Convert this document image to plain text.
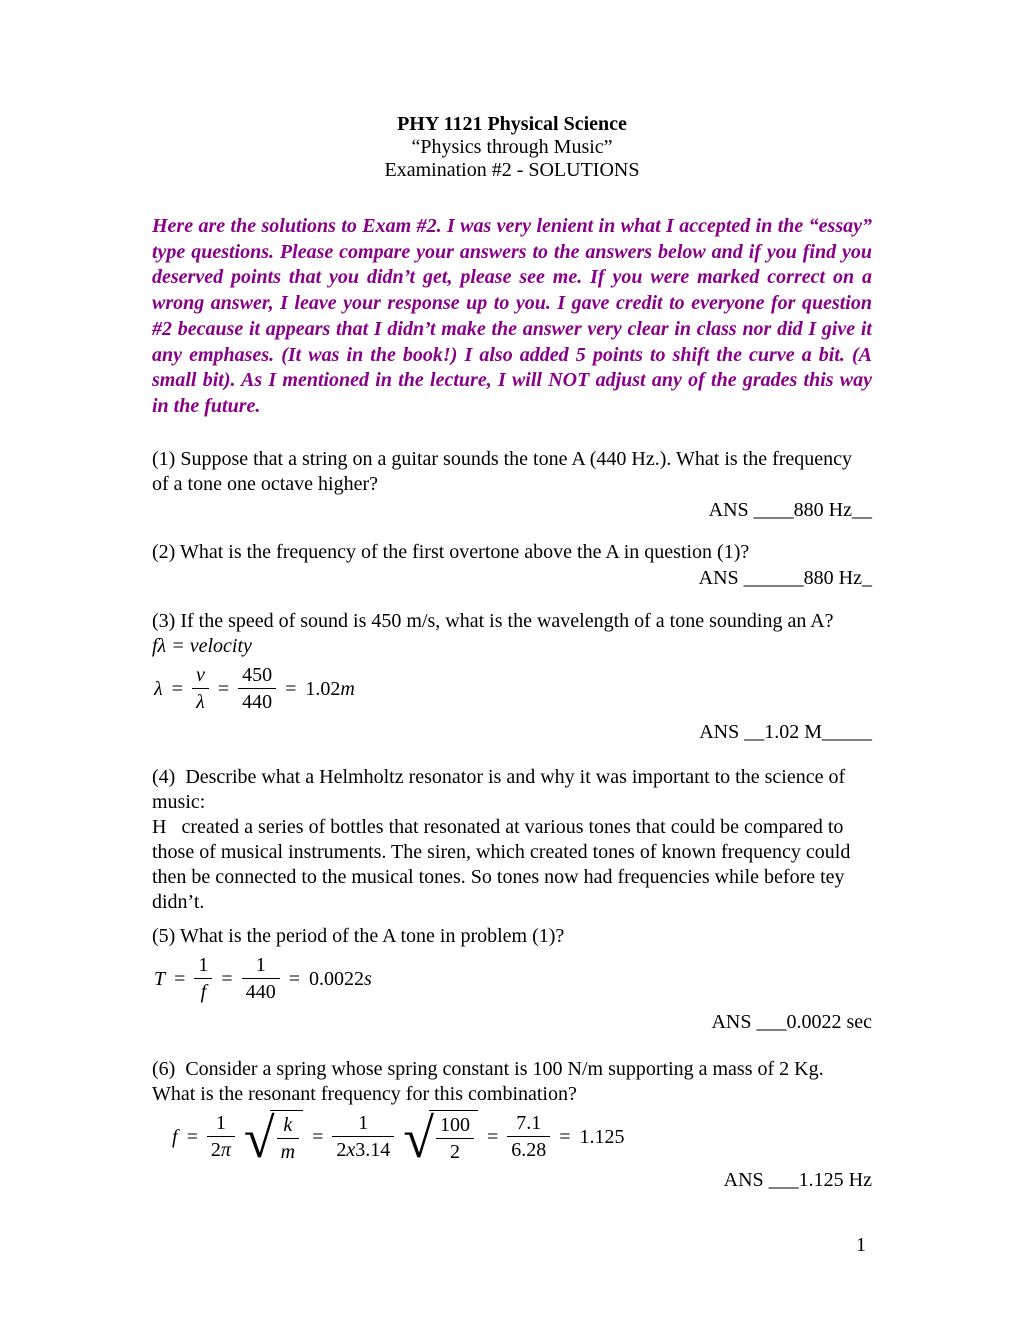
PHY 1121 Physical Science

“Physics through Music”

Examination #2 - SOLUTIONS

Here are the solutions to Exam #2. I was very lenient in what I accepted in the “essay” type questions. Please compare your answers to the answers below and if you find you deserved points that you didn’t get, please see me. If you were marked correct on a wrong answer, I leave your response up to you. I gave credit to everyone for question #2 because it appears that I didn’t make the answer very clear in class nor did I give it any emphases. (It was in the book!) I also added 5 points to shift the curve a bit. (A small bit). As I mentioned in the lecture, I will NOT adjust any of the grades this way in the future.

(1) Suppose that a string on a guitar sounds the tone A (440 Hz.). What is the frequency of a tone one octave higher?

ANS ____880 Hz__

(2) What is the frequency of the first overtone above the A in question (1)?

ANS ______880 Hz_

(3) If the speed of sound is 450 m/s, what is the wavelength of a tone sounding an A?

fλ = velocity

$\lambda = \frac{v}{\lambda} = \frac{450}{440} = 1.02m$

ANS __1.02 M_____

(4)  Describe what a Helmholtz resonator is and why it was important to the science of music:

H   created a series of bottles that resonated at various tones that could be compared to those of musical instruments. The siren, which created tones of known frequency could then be connected to the musical tones. So tones now had frequencies while before tey didn’t.

(5) What is the period of the A tone in problem (1)?

$T = \frac{1}{f} = \frac{1}{440} = 0.0022s$

ANS ___0.0022 sec

(6)  Consider a spring whose spring constant is 100 N/m supporting a mass of 2 Kg.

What is the resonant frequency for this combination?

$f = \frac{1}{2\pi}$ √ $\frac{k}{m} = \frac{1}{2x3.14}$ √ $\frac{100}{2} = \frac{7.1}{6.28} = 1.125$

ANS ___1.125 Hz

1
